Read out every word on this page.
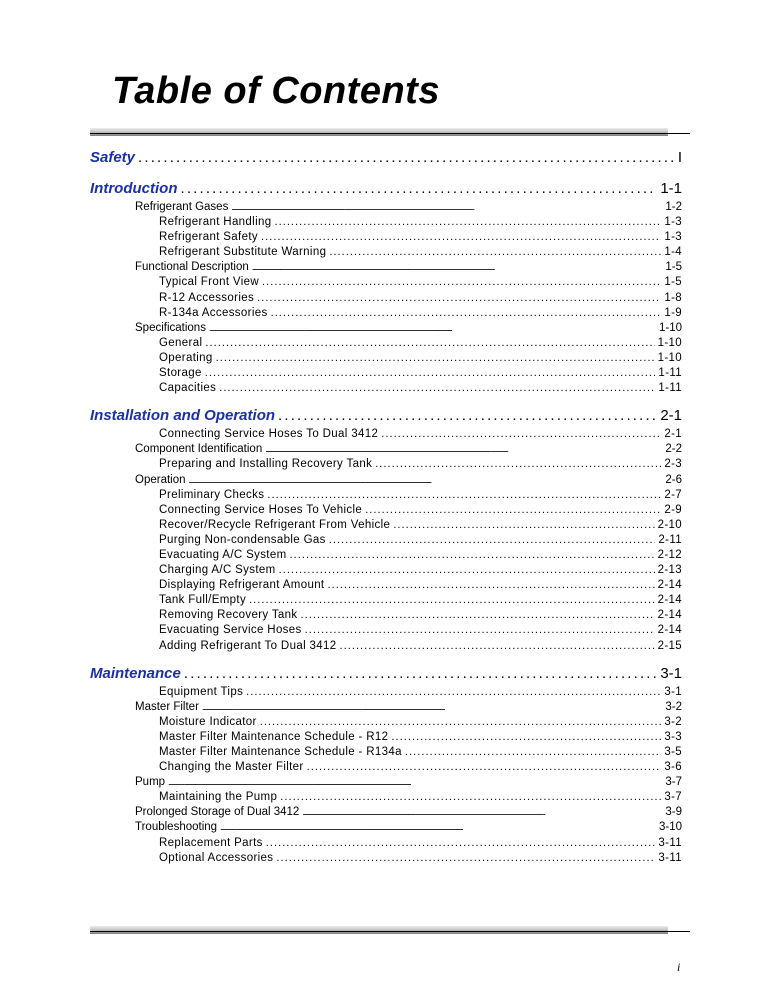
Table of Contents
Safety . . .	I
Introduction . . .	1-1
Refrigerant Gases . . .	1-2
Refrigerant Handling . . .	1-3
Refrigerant Safety . . .	1-3
Refrigerant Substitute Warning . . .	1-4
Functional Description . . .	1-5
Typical Front View . . .	1-5
R-12 Accessories . . .	1-8
R-134a Accessories . . .	1-9
Specifications . . .	1-10
General . . .	1-10
Operating . . .	1-10
Storage . . .	1-11
Capacities . . .	1-11
Installation and Operation . . .	2-1
Connecting Service Hoses To Dual 3412 . . .	2-1
Component Identification . . .	2-2
Preparing and Installing Recovery Tank . . .	2-3
Operation . . .	2-6
Preliminary Checks . . .	2-7
Connecting Service Hoses To Vehicle . . .	2-9
Recover/Recycle Refrigerant From Vehicle . . .	2-10
Purging Non-condensable Gas . . .	2-11
Evacuating A/C System . . .	2-12
Charging A/C System . . .	2-13
Displaying Refrigerant Amount . . .	2-14
Tank Full/Empty . . .	2-14
Removing Recovery Tank . . .	2-14
Evacuating Service Hoses . . .	2-14
Adding Refrigerant To Dual 3412 . . .	2-15
Maintenance . . .	3-1
Equipment Tips . . .	3-1
Master Filter . . .	3-2
Moisture Indicator . . .	3-2
Master Filter Maintenance Schedule - R12 . . .	3-3
Master Filter Maintenance Schedule - R134a . . .	3-5
Changing the Master Filter . . .	3-6
Pump . . .	3-7
Maintaining the Pump . . .	3-7
Prolonged Storage of Dual 3412 . . .	3-9
Troubleshooting . . .	3-10
Replacement Parts . . .	3-11
Optional Accessories . . .	3-11
i
